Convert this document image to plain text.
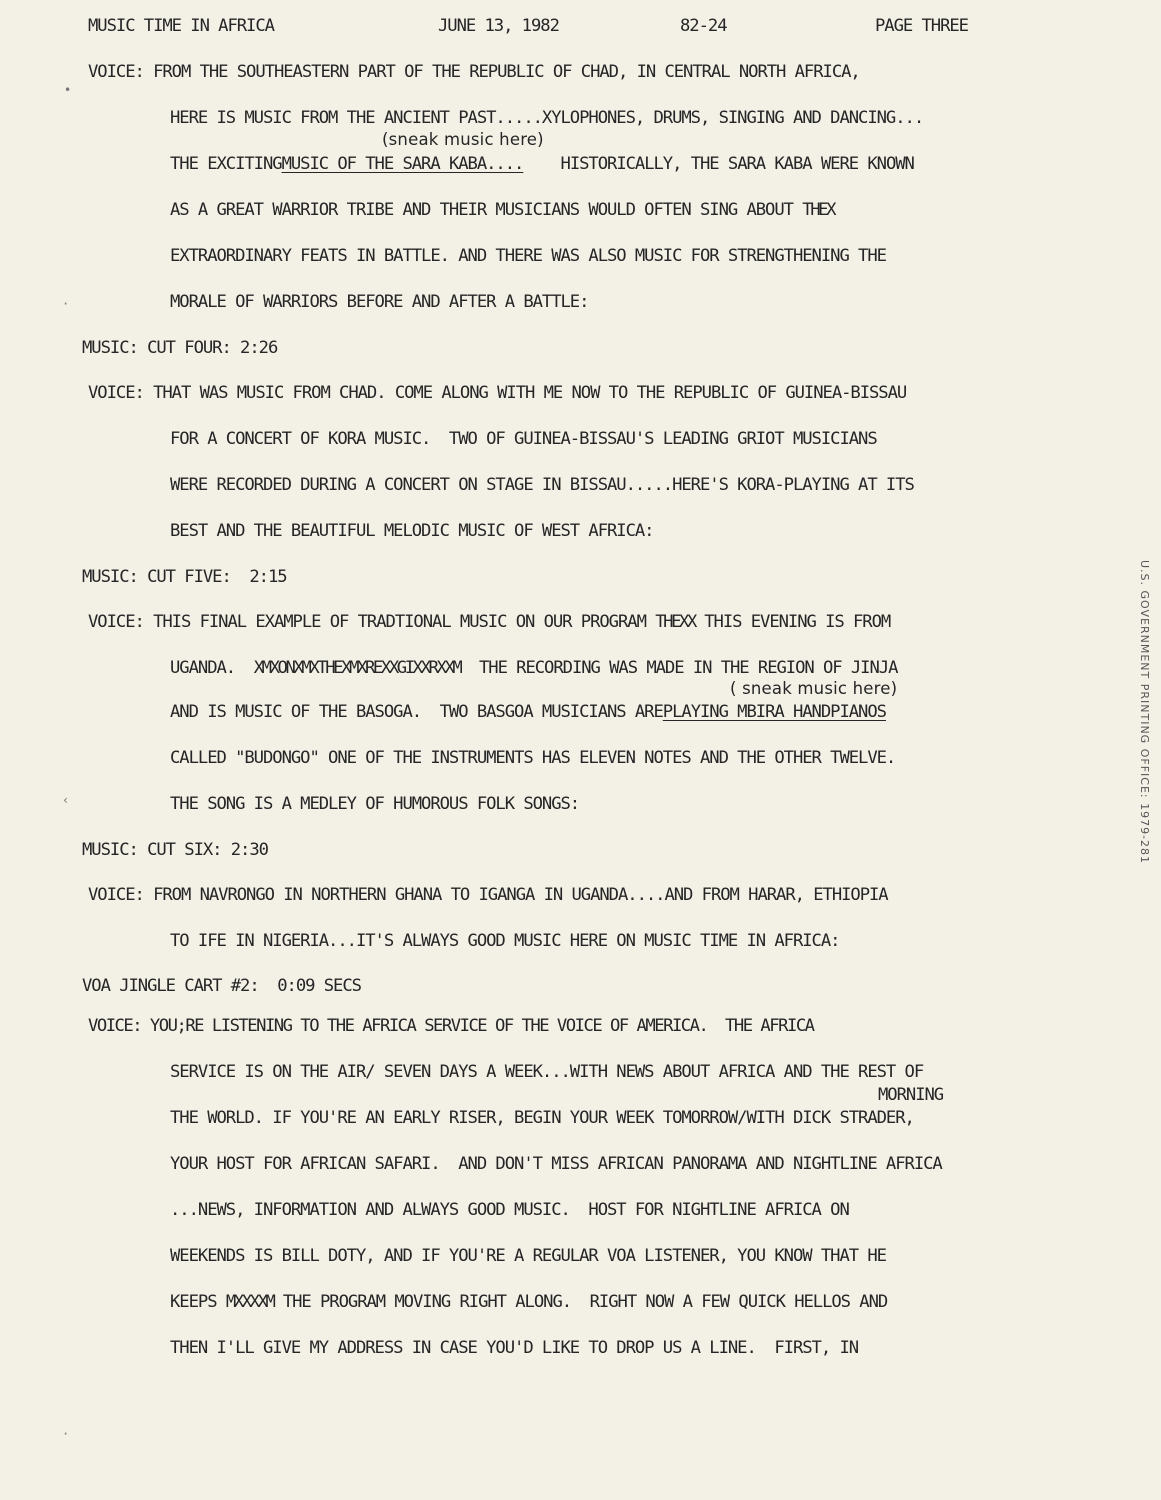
MUSIC TIME IN AFRICA	JUNE 13, 1982	82-24	PAGE THREE
VOICE: FROM THE SOUTHEASTERN PART OF THE REPUBLIC OF CHAD, IN CENTRAL NORTH AFRICA,
HERE IS MUSIC FROM THE ANCIENT PAST.....XYLOPHONES, DRUMS, SINGING AND DANCING...
(sneak music here)
THE EXCITINGMUSIC OF THE SARA KABA.... HISTORICALLY, THE SARA KABA WERE KNOWN
AS A GREAT WARRIOR TRIBE AND THEIR MUSICIANS WOULD OFTEN SING ABOUT THEX
EXTRAORDINARY FEATS IN BATTLE. AND THERE WAS ALSO MUSIC FOR STRENGTHENING THE
MORALE OF WARRIORS BEFORE AND AFTER A BATTLE:
MUSIC: CUT FOUR: 2:26
VOICE: THAT WAS MUSIC FROM CHAD. COME ALONG WITH ME NOW TO THE REPUBLIC OF GUINEA-BISSAU
FOR A CONCERT OF KORA MUSIC.  TWO OF GUINEA-BISSAU'S LEADING GRIOT MUSICIANS
WERE RECORDED DURING A CONCERT ON STAGE IN BISSAU.....HERE'S KORA-PLAYING AT ITS
BEST AND THE BEAUTIFUL MELODIC MUSIC OF WEST AFRICA:
MUSIC: CUT FIVE:  2:15
VOICE: THIS FINAL EXAMPLE OF TRADTIONAL MUSIC ON OUR PROGRAM THEXX THIS EVENING IS FROM
UGANDA. XMXONXMXTHEXMXREXXGIXXRXXM THE RECORDING WAS MADE IN THE REGION OF JINJA
( sneak music here)
AND IS MUSIC OF THE BASOGA.  TWO BASGOA MUSICIANS AREPLAYING MBIRA HANDPIANOS
CALLED "BUDONGO" ONE OF THE INSTRUMENTS HAS ELEVEN NOTES AND THE OTHER TWELVE.
THE SONG IS A MEDLEY OF HUMOROUS FOLK SONGS:
MUSIC: CUT SIX: 2:30
VOICE: FROM NAVRONGO IN NORTHERN GHANA TO IGANGA IN UGANDA....AND FROM HARAR, ETHIOPIA
TO IFE IN NIGERIA...IT'S ALWAYS GOOD MUSIC HERE ON MUSIC TIME IN AFRICA:
VOA JINGLE CART #2:  0:09 SECS
VOICE: YOU;RE LISTENING TO THE AFRICA SERVICE OF THE VOICE OF AMERICA.  THE AFRICA
SERVICE IS ON THE AIR/ SEVEN DAYS A WEEK...WITH NEWS ABOUT AFRICA AND THE REST OF
MORNING
THE WORLD. IF YOU'RE AN EARLY RISER, BEGIN YOUR WEEK TOMORROW/WITH DICK STRADER,
YOUR HOST FOR AFRICAN SAFARI.  AND DON'T MISS AFRICAN PANORAMA AND NIGHTLINE AFRICA
...NEWS, INFORMATION AND ALWAYS GOOD MUSIC.  HOST FOR NIGHTLINE AFRICA ON
WEEKENDS IS BILL DOTY, AND IF YOU'RE A REGULAR VOA LISTENER, YOU KNOW THAT HE
KEEPS MXXXXM THE PROGRAM MOVING RIGHT ALONG.  RIGHT NOW A FEW QUICK HELLOS AND
THEN I'LL GIVE MY ADDRESS IN CASE YOU'D LIKE TO DROP US A LINE.  FIRST, IN
•
·
‹
·
U.S. GOVERNMENT PRINTING OFFICE: 1979-281
